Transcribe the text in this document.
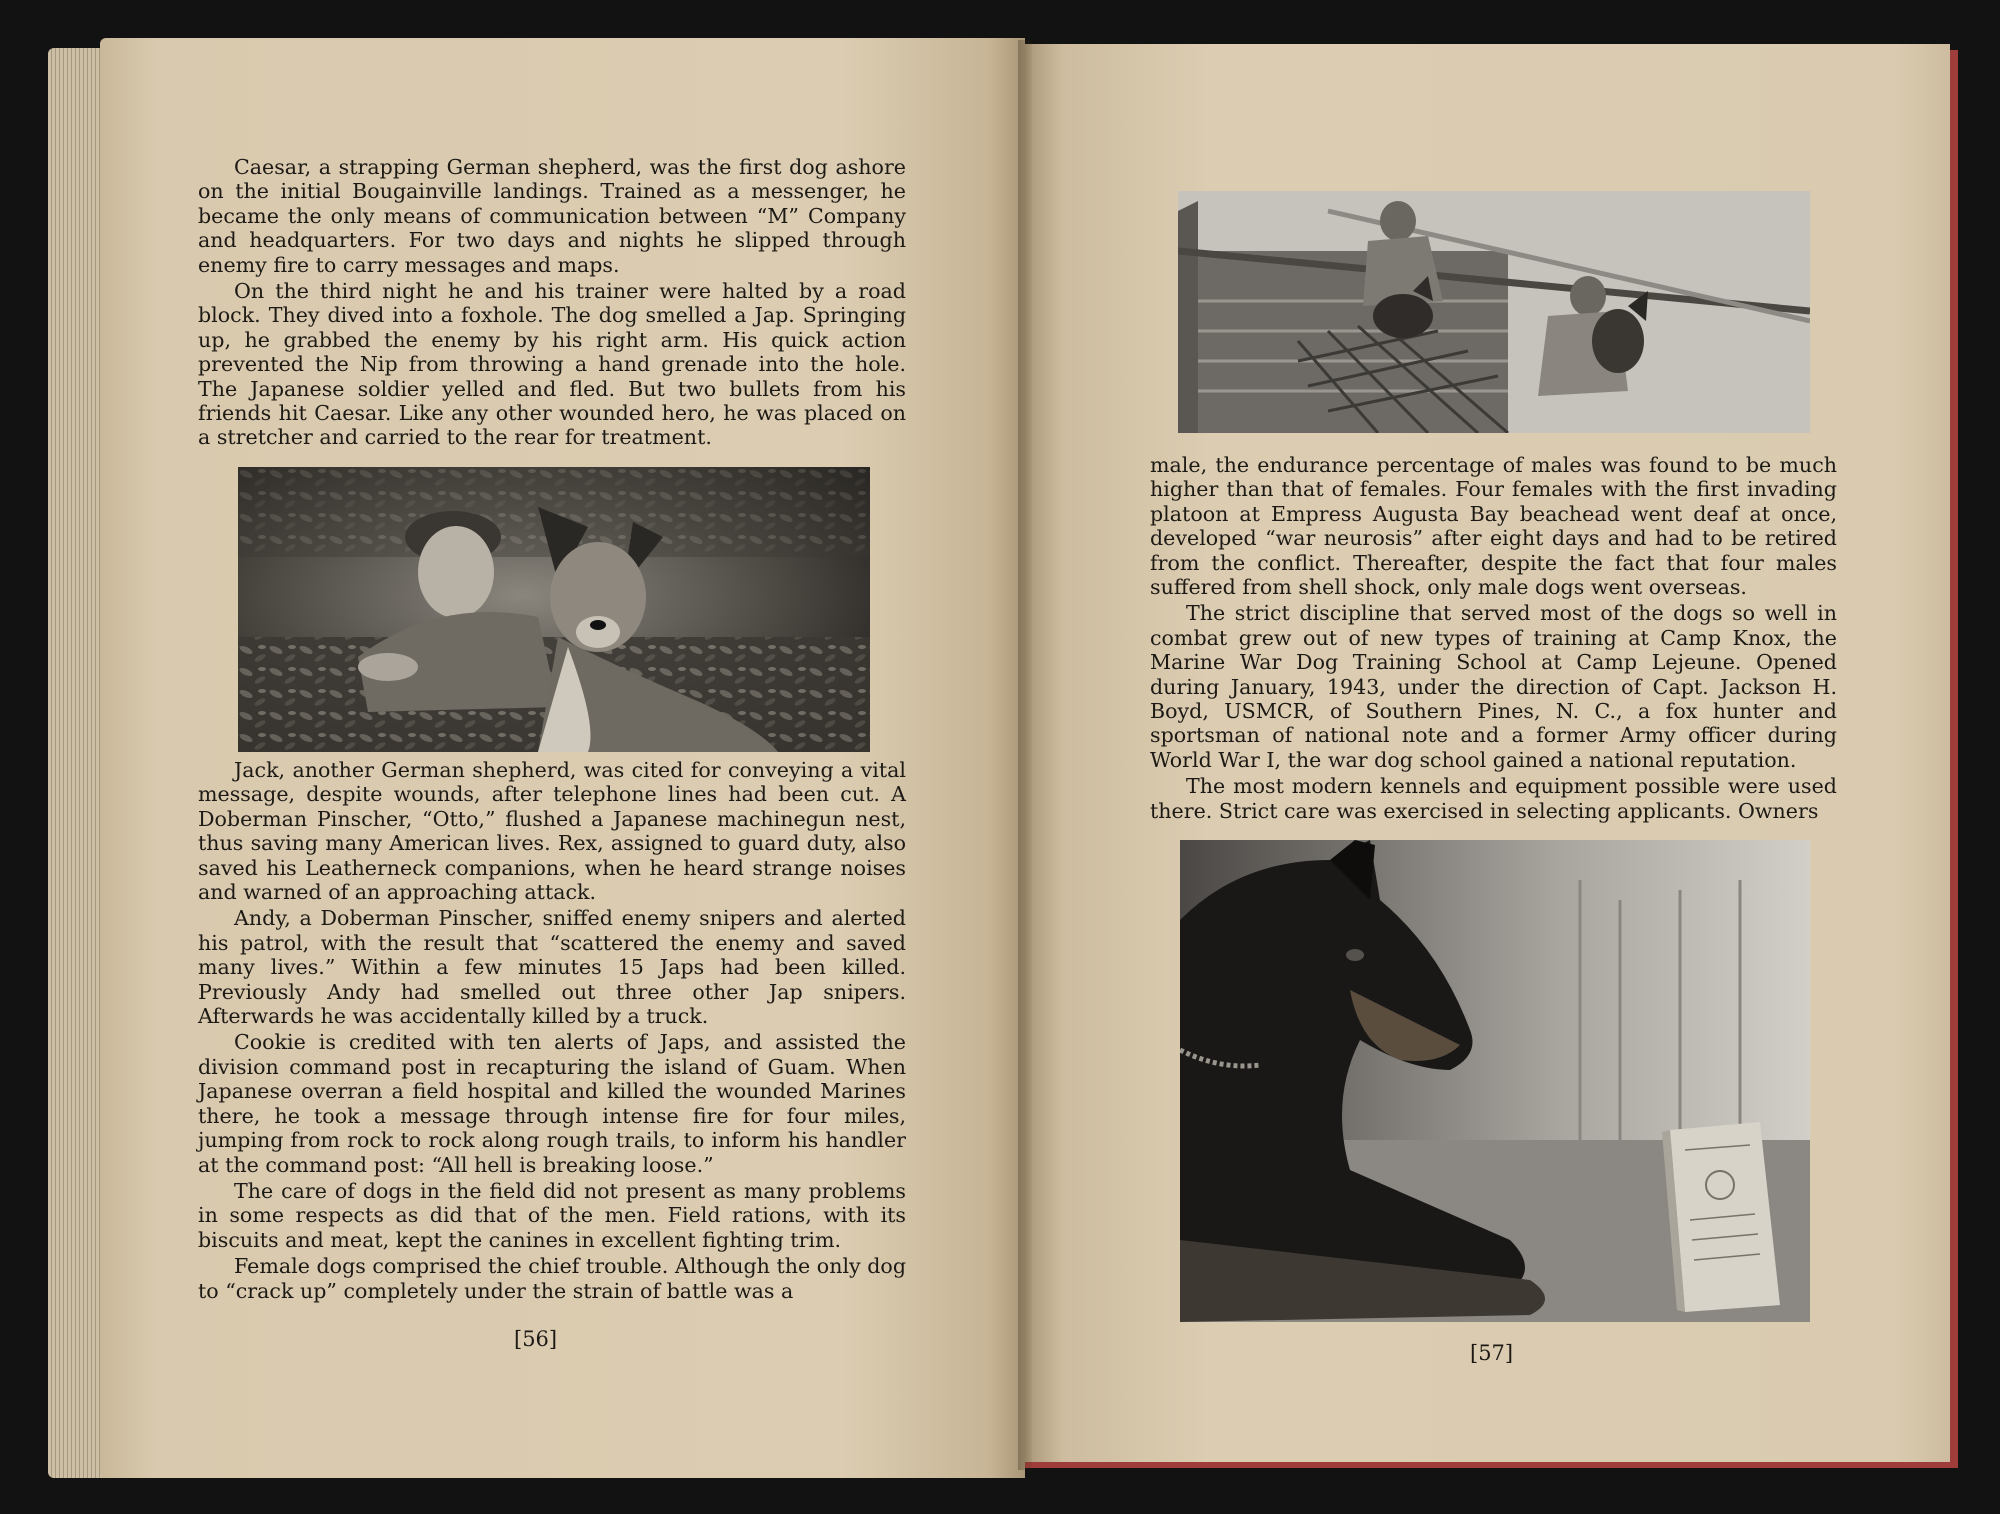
Caesar, a strapping German shepherd, was the first dog ashore on the initial Bougainville landings. Trained as a messenger, he became the only means of communication between “M” Company and headquarters. For two days and nights he slipped through enemy fire to carry messages and maps.

On the third night he and his trainer were halted by a road block. They dived into a foxhole. The dog smelled a Jap. Springing up, he grabbed the enemy by his right arm. His quick action prevented the Nip from throwing a hand grenade into the hole. The Japanese soldier yelled and fled. But two bullets from his friends hit Caesar. Like any other wounded hero, he was placed on a stretcher and carried to the rear for treatment.

Jack, another German shepherd, was cited for conveying a vital message, despite wounds, after telephone lines had been cut. A Doberman Pinscher, “Otto,” flushed a Japanese machinegun nest, thus saving many American lives. Rex, assigned to guard duty, also saved his Leatherneck companions, when he heard strange noises and warned of an approaching attack.

Andy, a Doberman Pinscher, sniffed enemy snipers and alerted his patrol, with the result that “scattered the enemy and saved many lives.” Within a few minutes 15 Japs had been killed. Previously Andy had smelled out three other Jap snipers. Afterwards he was accidentally killed by a truck.

Cookie is credited with ten alerts of Japs, and assisted the division command post in recapturing the island of Guam. When Japanese overran a field hospital and killed the wounded Marines there, he took a message through intense fire for four miles, jumping from rock to rock along rough trails, to inform his handler at the command post: “All hell is breaking loose.”

The care of dogs in the field did not present as many problems in some respects as did that of the men. Field rations, with its biscuits and meat, kept the canines in excellent fighting trim.

Female dogs comprised the chief trouble. Although the only dog to “crack up” completely under the strain of battle was a

[56]

male, the endurance percentage of males was found to be much higher than that of females. Four females with the first invading platoon at Empress Augusta Bay beachead went deaf at once, developed “war neurosis” after eight days and had to be retired from the conflict. Thereafter, despite the fact that four males suffered from shell shock, only male dogs went overseas.

The strict discipline that served most of the dogs so well in combat grew out of new types of training at Camp Knox, the Marine War Dog Training School at Camp Lejeune. Opened during January, 1943, under the direction of Capt. Jackson H. Boyd, USMCR, of Southern Pines, N. C., a fox hunter and sportsman of national note and a former Army officer during World War I, the war dog school gained a national reputation.

The most modern kennels and equipment possible were used there. Strict care was exercised in selecting applicants. Owners

[57]
